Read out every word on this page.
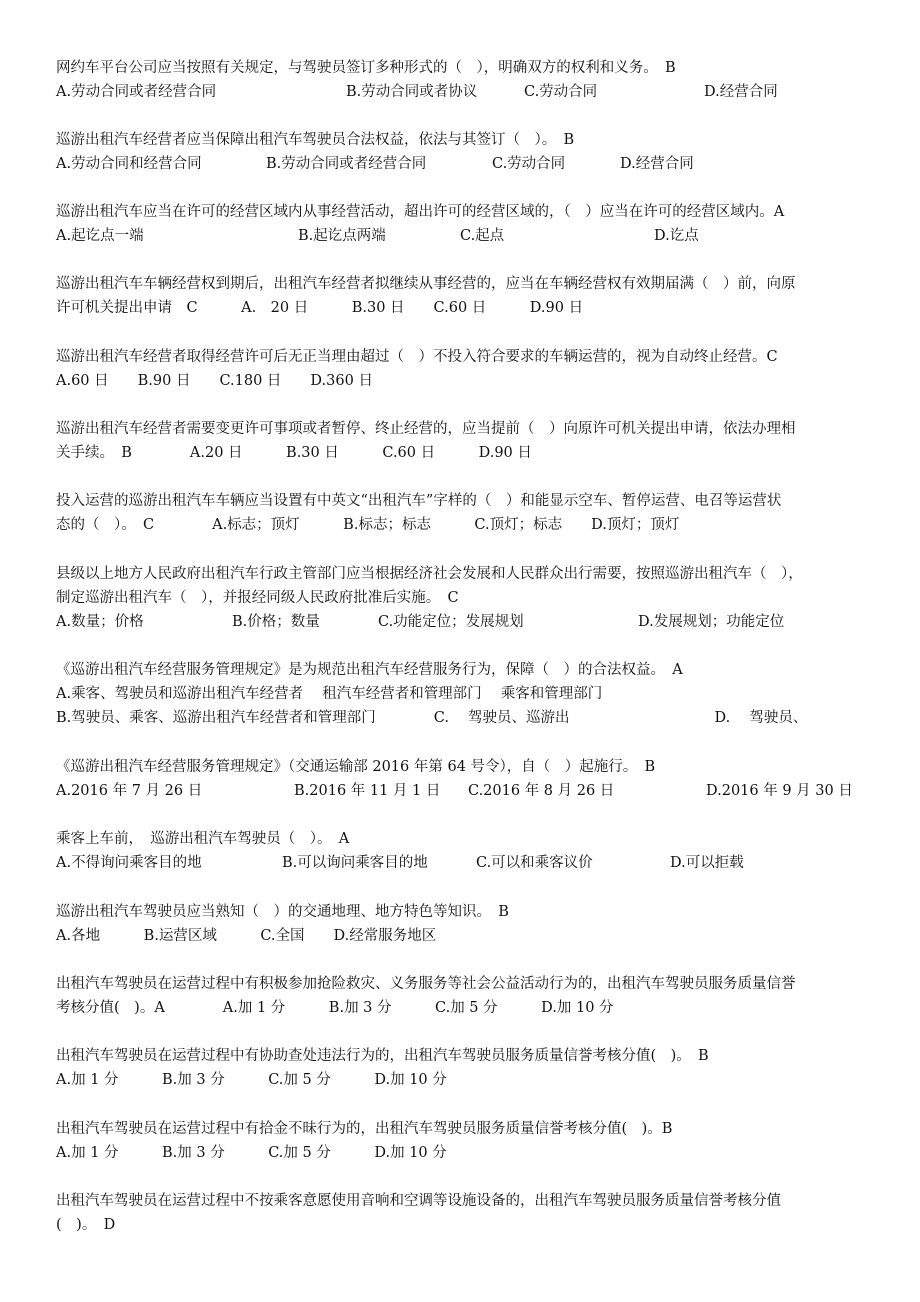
网约车平台公司应当按照有关规定，与驾驶员签订多种形式的（　），明确双方的权利和义务。　B
A.劳动合同或者经营合同	B.劳动合同或者协议	C.劳动合同	D.经营合同
巡游出租汽车经营者应当保障出租汽车驾驶员合法权益，依法与其签订（　）。　B
A.劳动合同和经营合同	B.劳动合同或者经营合同	C.劳动合同	D.经营合同
巡游出租汽车应当在许可的经营区域内从事经营活动，超出许可的经营区域的，（　）应当在许可的经营区域内。A
A.起讫点一端	B.起讫点两端	C.起点	D.讫点
巡游出租汽车车辆经营权到期后，出租汽车经营者拟继续从事经营的，应当在车辆经营权有效期届满（　）前，向原
许可机关提出申请　C　　　A.　20 日　　　B.30 日　　C.60 日　　　D.90 日
巡游出租汽车经营者取得经营许可后无正当理由超过（　）不投入符合要求的车辆运营的，视为自动终止经营。C
A.60 日　　B.90 日　　C.180 日　　D.360 日
巡游出租汽车经营者需要变更许可事项或者暂停、终止经营的，应当提前（　）向原许可机关提出申请，依法办理相
关手续。　B　　　　A.20 日　　　B.30 日　　　C.60 日　　　D.90 日
投入运营的巡游出租汽车车辆应当设置有中英文“出租汽车”字样的（　）和能显示空车、暂停运营、电召等运营状
态的（　）。　C　　　　A.标志；顶灯　　　B.标志；标志　　　C.顶灯；标志　　D.顶灯；顶灯
县级以上地方人民政府出租汽车行政主管部门应当根据经济社会发展和人民群众出行需要，按照巡游出租汽车（　），
制定巡游出租汽车（　），并报经同级人民政府批准后实施。　C
A.数量；价格	B.价格；数量	C.功能定位；发展规划	D.发展规划；功能定位
《巡游出租汽车经营服务管理规定》是为规范出租汽车经营服务行为，保障（　）的合法权益。　A
A.乘客、驾驶员和巡游出租汽车经营者　 租汽车经营者和管理部门　 乘客和管理部门
B.驾驶员、乘客、巡游出租汽车经营者和管理部门　　　　C.　 驾驶员、巡游出　　　　　　　　　　D.　 驾驶员、
《巡游出租汽车经营服务管理规定》（交通运输部 2016 年第 64 号令），自（　）起施行。　B
A.2016 年 7 月 26 日	B.2016 年 11 月 1 日 C.2016 年 8 月 26 日	D.2016 年 9 月 30 日
乘客上车前，　巡游出租汽车驾驶员（　）。　A
A.不得询问乘客目的地	B.可以询问乘客目的地	C.可以和乘客议价	D.可以拒载
巡游出租汽车驾驶员应当熟知（　）的交通地理、地方特色等知识。　B
A.各地　　　B.运营区域　　　C.全国　　D.经常服务地区
出租汽车驾驶员在运营过程中有积极参加抢险救灾、义务服务等社会公益活动行为的，出租汽车驾驶员服务质量信誉
考核分值(　)。A　　　　A.加 1 分　　　B.加 3 分　　　C.加 5 分　　　D.加 10 分
出租汽车驾驶员在运营过程中有协助查处违法行为的，出租汽车驾驶员服务质量信誉考核分值(　)。　B
A.加 1 分　　　B.加 3 分　　　C.加 5 分　　　D.加 10 分
出租汽车驾驶员在运营过程中有拾金不昧行为的，出租汽车驾驶员服务质量信誉考核分值(　)。B
A.加 1 分　　　B.加 3 分　　　C.加 5 分　　　D.加 10 分
出租汽车驾驶员在运营过程中不按乘客意愿使用音响和空调等设施设备的，出租汽车驾驶员服务质量信誉考核分值
(　)。　D
